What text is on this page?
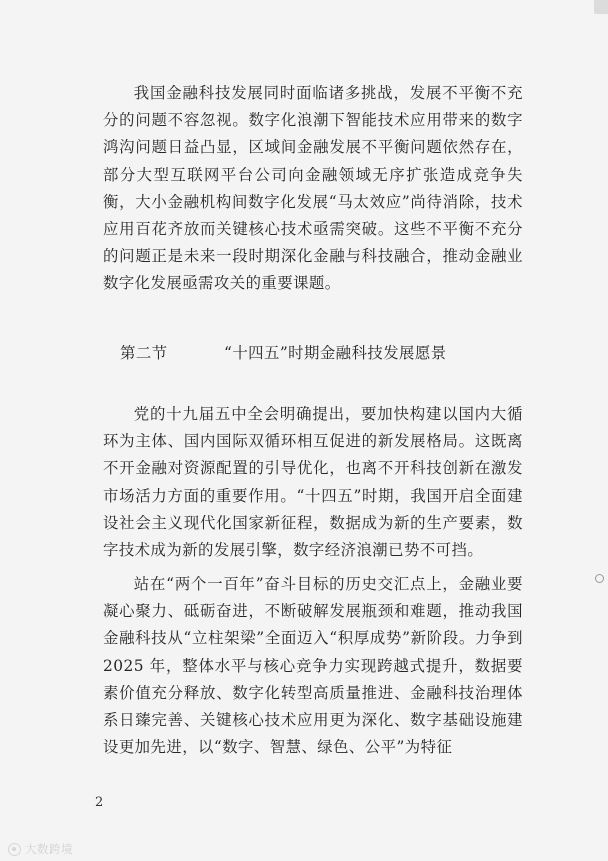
我国金融科技发展同时面临诸多挑战，发展不平衡不充分的问题不容忽视。数字化浪潮下智能技术应用带来的数字鸿沟问题日益凸显，区域间金融发展不平衡问题依然存在，部分大型互联网平台公司向金融领域无序扩张造成竞争失衡，大小金融机构间数字化发展“马太效应”尚待消除，技术应用百花齐放而关键核心技术亟需突破。这些不平衡不充分的问题正是未来一段时期深化金融与科技融合，推动金融业数字化发展亟需攻关的重要课题。

第二节	“十四五”时期金融科技发展愿景

党的十九届五中全会明确提出，要加快构建以国内大循环为主体、国内国际双循环相互促进的新发展格局。这既离不开金融对资源配置的引导优化，也离不开科技创新在激发市场活力方面的重要作用。“十四五”时期，我国开启全面建设社会主义现代化国家新征程，数据成为新的生产要素，数字技术成为新的发展引擎，数字经济浪潮已势不可挡。

站在“两个一百年”奋斗目标的历史交汇点上，金融业要凝心聚力、砥砺奋进，不断破解发展瓶颈和难题，推动我国金融科技从“立柱架梁”全面迈入“积厚成势”新阶段。力争到 2025 年，整体水平与核心竞争力实现跨越式提升，数据要素价值充分释放、数字化转型高质量推进、金融科技治理体系日臻完善、关键核心技术应用更为深化、数字基础设施建设更加先进，以“数字、智慧、绿色、公平”为特征

2
大数跨境
